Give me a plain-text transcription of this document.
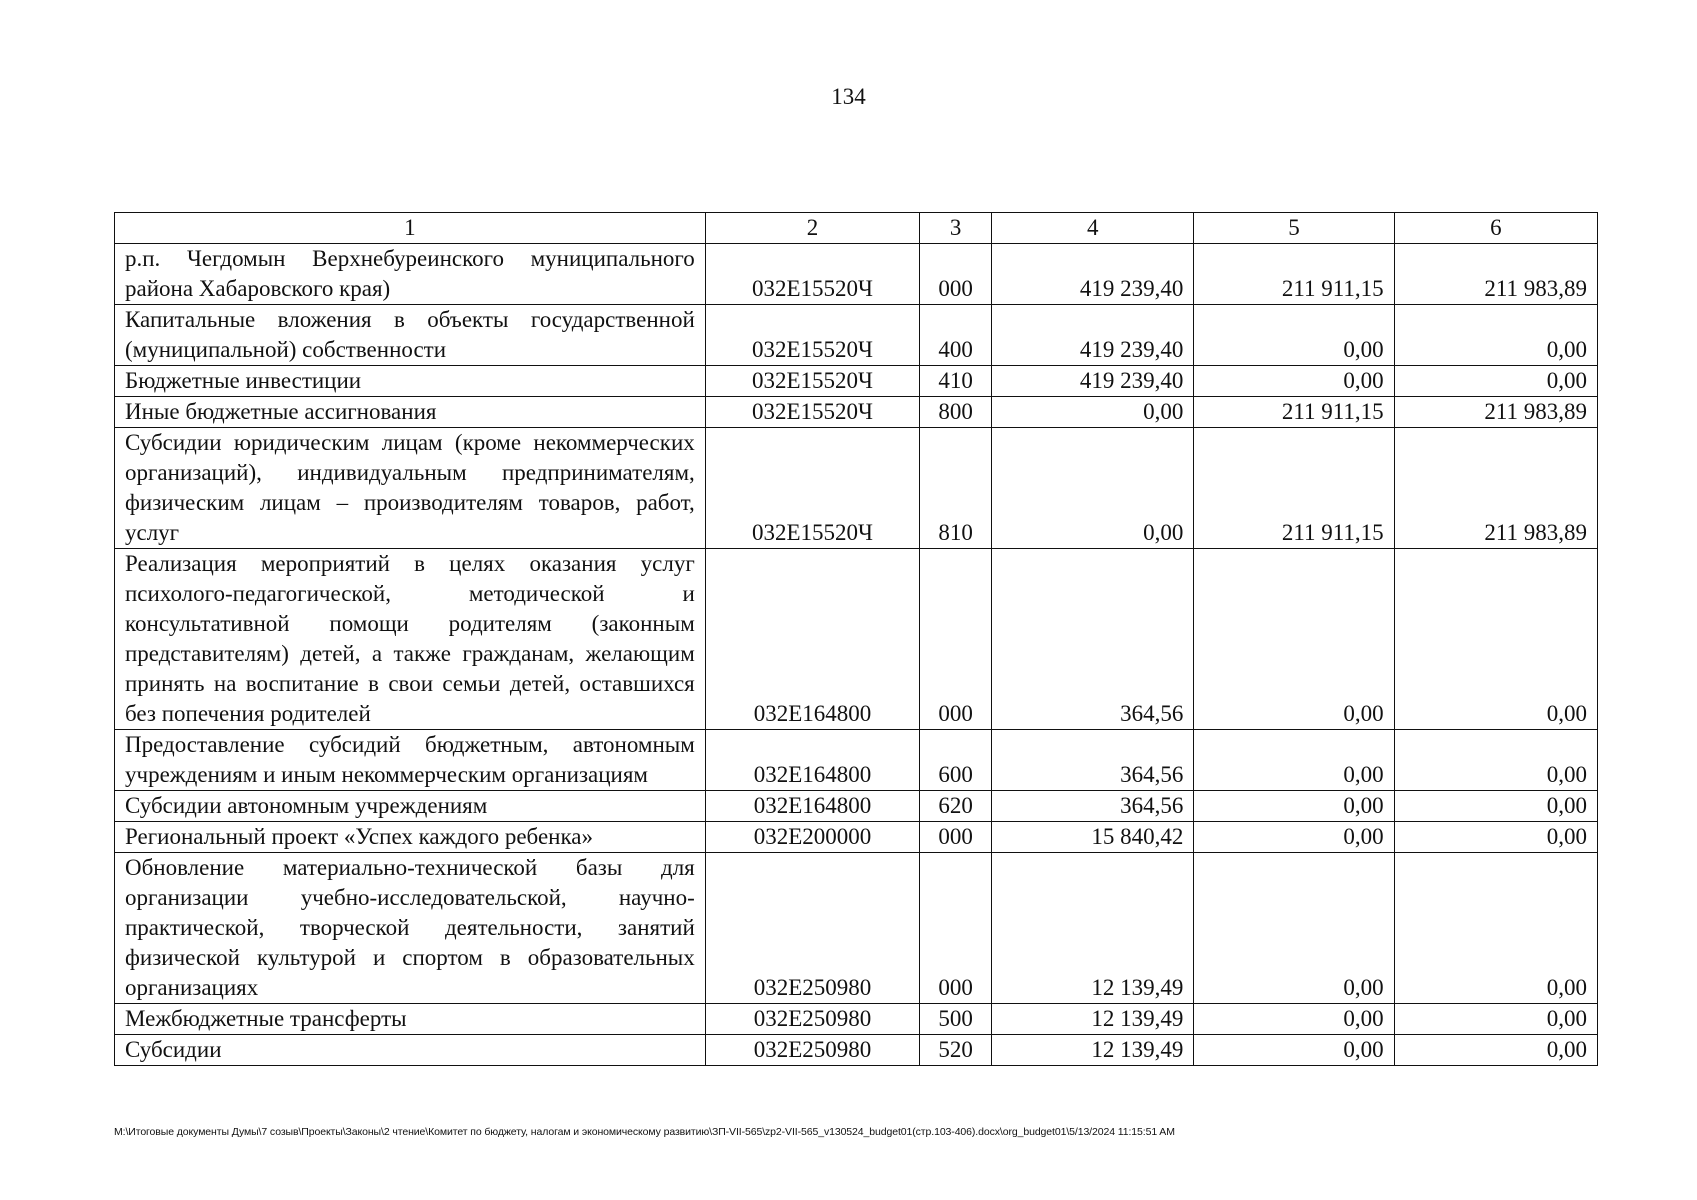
134
1	2	3	4	5	6
р.п. Чегдомын Верхнебуреинского муниципального района Хабаровского края)	032E15520Ч	000	419 239,40	211 911,15	211 983,89
Капитальные вложения в объекты государственной (муниципальной) собственности	032E15520Ч	400	419 239,40	0,00	0,00
Бюджетные инвестиции	032E15520Ч	410	419 239,40	0,00	0,00
Иные бюджетные ассигнования	032E15520Ч	800	0,00	211 911,15	211 983,89
Субсидии юридическим лицам (кроме некоммерческих организаций), индивидуальным предпринимателям, физическим лицам – производителям товаров, работ, услуг	032E15520Ч	810	0,00	211 911,15	211 983,89
Реализация мероприятий в целях оказания услуг психолого-педагогической, методической и консультативной помощи родителям (законным представителям) детей, а также гражданам, желающим принять на воспитание в свои семьи детей, оставшихся без попечения родителей	032E164800	000	364,56	0,00	0,00
Предоставление субсидий бюджетным, автономным учреждениям и иным некоммерческим организациям	032E164800	600	364,56	0,00	0,00
Субсидии автономным учреждениям	032E164800	620	364,56	0,00	0,00
Региональный проект «Успех каждого ребенка»	032E200000	000	15 840,42	0,00	0,00
Обновление материально-технической базы для организации учебно-исследовательской, научно-практической, творческой деятельности, занятий физической культурой и спортом в образовательных организациях	032E250980	000	12 139,49	0,00	0,00
Межбюджетные трансферты	032E250980	500	12 139,49	0,00	0,00
Субсидии	032E250980	520	12 139,49	0,00	0,00
M:\Итоговые документы Думы\7 созыв\Проекты\Законы\2 чтение\Комитет по бюджету, налогам и экономическому развитию\ЗП-VII-565\zp2-VII-565_v130524_budget01(стр.103-406).docx\org_budget01\5/13/2024 11:15:51 AM
